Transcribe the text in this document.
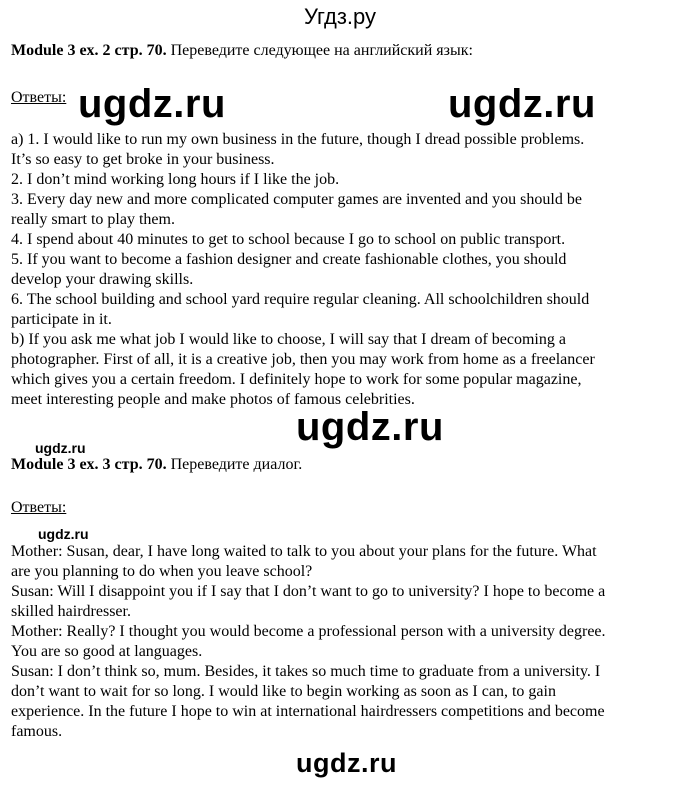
Угдз.ру
Module 3 ex. 2 стр. 70. Переведите следующее на английский язык:
Ответы: ugdz.ru	ugdz.ru

a) 1. I would like to run my own business in the future, though I dread possible problems.

It’s so easy to get broke in your business.

2. I don’t mind working long hours if I like the job.

3. Every day new and more complicated computer games are invented and you should be

really smart to play them.

4. I spend about 40 minutes to get to school because I go to school on public transport.

5. If you want to become a fashion designer and create fashionable clothes, you should

develop your drawing skills.

6. The school building and school yard require regular cleaning. All schoolchildren should

participate in it.

b) If you ask me what job I would like to choose, I will say that I dream of becoming a

photographer. First of all, it is a creative job, then you may work from home as a freelancer

which gives you a certain freedom. I definitely hope to work for some popular magazine,

meet interesting people and make photos of famous celebrities.

ugdz.ru
ugdz.ru
Module 3 ex. 3 стр. 70. Переведите диалог.
Ответы:
ugdz.ru

Mother: Susan, dear, I have long waited to talk to you about your plans for the future. What

are you planning to do when you leave school?

Susan: Will I disappoint you if I say that I don’t want to go to university? I hope to become a

skilled hairdresser.

Mother: Really? I thought you would become a professional person with a university degree.

You are so good at languages.

Susan: I don’t think so, mum. Besides, it takes so much time to graduate from a university. I

don’t want to wait for so long. I would like to begin working as soon as I can, to gain

experience. In the future I hope to win at international hairdressers competitions and become

famous.

ugdz.ru
